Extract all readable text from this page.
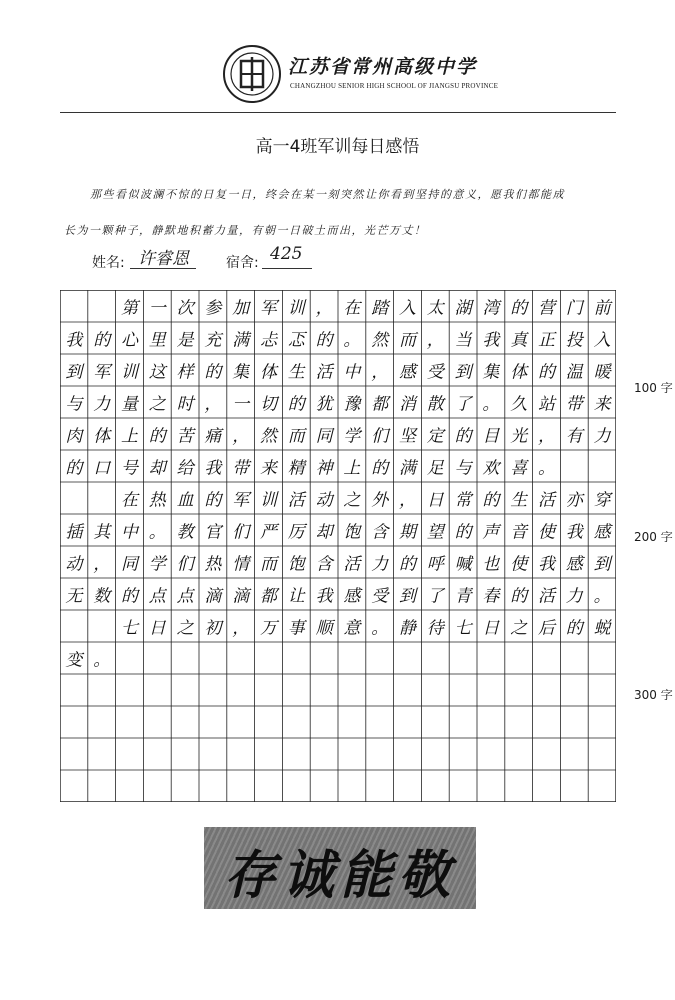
江苏省常州高级中学
CHANGZHOU SENIOR HIGH SCHOOL OF JIANGSU PROVINCE
高一4班军训每日感悟
那些看似波澜不惊的日复一日，终会在某一刻突然让你看到坚持的意义，愿我们都能成
长为一颗种子，静默地积蓄力量，有朝一日破土而出，光芒万丈！
姓名: 许睿恩	宿舍: 425
第 一 次 参 加 军 训 ， 在 踏 入 太 湖 湾 的 营 门 前
我 的 心 里 是 充 满 忐 忑 的 。 然 而 ， 当 我 真 正 投 入
到 军 训 这 样 的 集 体 生 活 中 ， 感 受 到 集 体 的 温 暖
与 力 量 之 时 ， 一 切 的 犹 豫 都 消 散 了 。 久 站 带 来
肉 体 上 的 苦 痛 ， 然 而 同 学 们 坚 定 的 目 光 ， 有 力
的 口 号 却 给 我 带 来 精 神 上 的 满 足 与 欢 喜 。
在 热 血 的 军 训 活 动 之 外 ， 日 常 的 生 活 亦 穿
插 其 中 。 教 官 们 严 厉 却 饱 含 期 望 的 声 音 使 我 感
动 ， 同 学 们 热 情 而 饱 含 活 力 的 呼 喊 也 使 我 感 到
无 数 的 点 点 滴 滴 都 让 我 感 受 到 了 青 春 的 活 力 。
七 日 之 初 ， 万 事 顺 意 。 静 待 七 日 之 后 的 蜕
变 。
100 字
200 字
300 字
存诚能敬
